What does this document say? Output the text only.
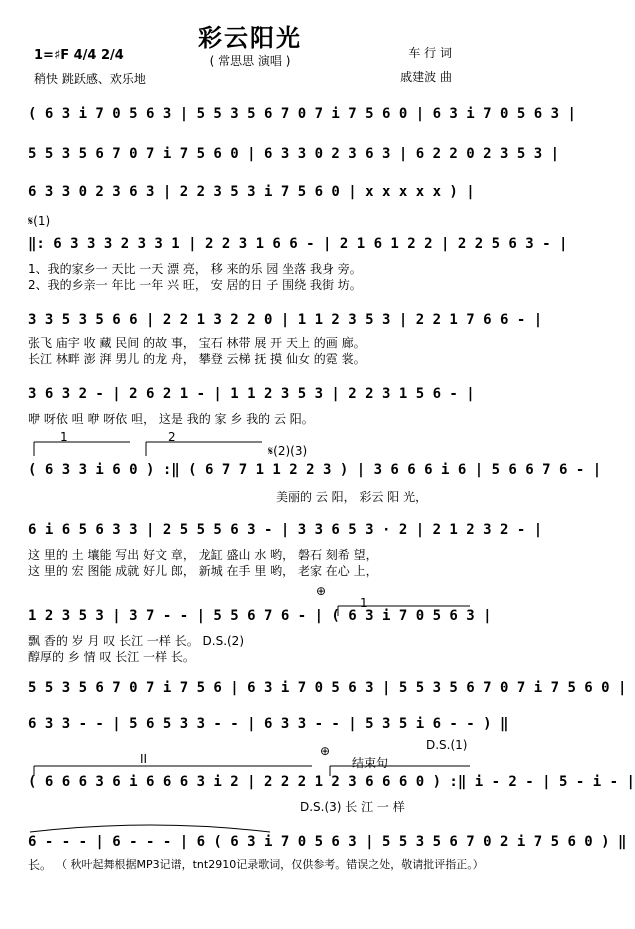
彩云阳光
( 常思思 演唱 )
1=♯F 4/4 2/4
稍快 跳跃感、欢乐地
车 行 词
戚建波 曲
( 6 3 i 7 0 5 6 3 | 5 5 3 5 6 7 0 7 i 7 5 6 0 | 6 3 i 7 0 5 6 3 |
5 5 3 5 6 7 0 7 i 7 5 6 0 | 6 3 3 0 2 3 6 3 | 6 2 2 0 2 3 5 3 |
6 3 3 0 2 3 6 3 | 2 2 3 5 3 i 7 5 6 0 | x x x x x ) |
𝄋(1)
‖: 6 3 3 3 2 3 3 1 | 2 2 3 1 6 6 - | 2 1 6 1 2 2 | 2 2 5 6 3 - |
1、我的家乡一 天比 一天 漂 亮， 移 来的乐 园 坐落 我身 旁。
2、我的乡亲一 年比 一年 兴 旺， 安 居的日 子 围绕 我街 坊。
3 3 5 3 5 6 6 | 2 2 1 3 2 2 0 | 1 1 2 3 5 3 | 2 2 1 7 6 6 - |
张飞 庙宇 收 藏 民间 的故 事， 宝石 林带 展 开 天上 的画 廊。
长江 林畔 澎 湃 男儿 的龙 舟， 攀登 云梯 抚 摸 仙女 的霓 裳。
3 6 3 2 - | 2 6 2 1 - | 1 1 2 3 5 3 | 2 2 3 1 5 6 - |
咿 呀依 呾 咿 呀依 呾， 这是 我的 家 乡 我的 云 阳。
1	2
𝄋(2)(3)
( 6 3 3 i 6 0 ) :‖ ( 6 7 7 1 1 2 2 3 ) | 3 6 6 6 i 6 | 5 6 6 7 6 - |
美丽的 云 阳， 彩云 阳 光，
6 i 6 5 6 3 3 | 2 5 5 5 6 3 - | 3 3 6 5 3 · 2 | 2 1 2 3 2 - |
这 里的 土 壤能 写出 好文 章， 龙缸 盛山 水 哟， 磐石 刻希 望，
这 里的 宏 图能 成就 好儿 郎， 新城 在手 里 哟， 老家 在心 上，
⊕
1
1 2 3 5 3 | 3 7 - - | 5 5 6 7 6 - | ( 6 3 i 7 0 5 6 3 |
飘 香的 岁 月 叹 长江 一样 长。 D.S.(2)
醇厚的 乡 情 叹 长江 一样 长。
5 5 3 5 6 7 0 7 i 7 5 6 | 6 3 i 7 0 5 6 3 | 5 5 3 5 6 7 0 7 i 7 5 6 0 |
6 3 3 - - | 5 6 5 3 3 - - | 6 3 3 - - | 5 3 5 i 6 - - ) ‖
D.S.(1)
II
⊕
结束句
( 6 6 6 3 6 i 6 6 6 3 i 2 | 2 2 2 1 2 3 6 6 6 0 ) :‖ i - 2 - | 5 - i - |
D.S.(3) 长 江 一 样
6 - - - | 6 - - - | 6 ( 6 3 i 7 0 5 6 3 | 5 5 3 5 6 7 0 2 i 7 5 6 0 ) ‖
长。 （ 秋叶起舞根据MP3记谱，tnt2910记录歌词，仅供参考。错误之处，敬请批评指正。）
